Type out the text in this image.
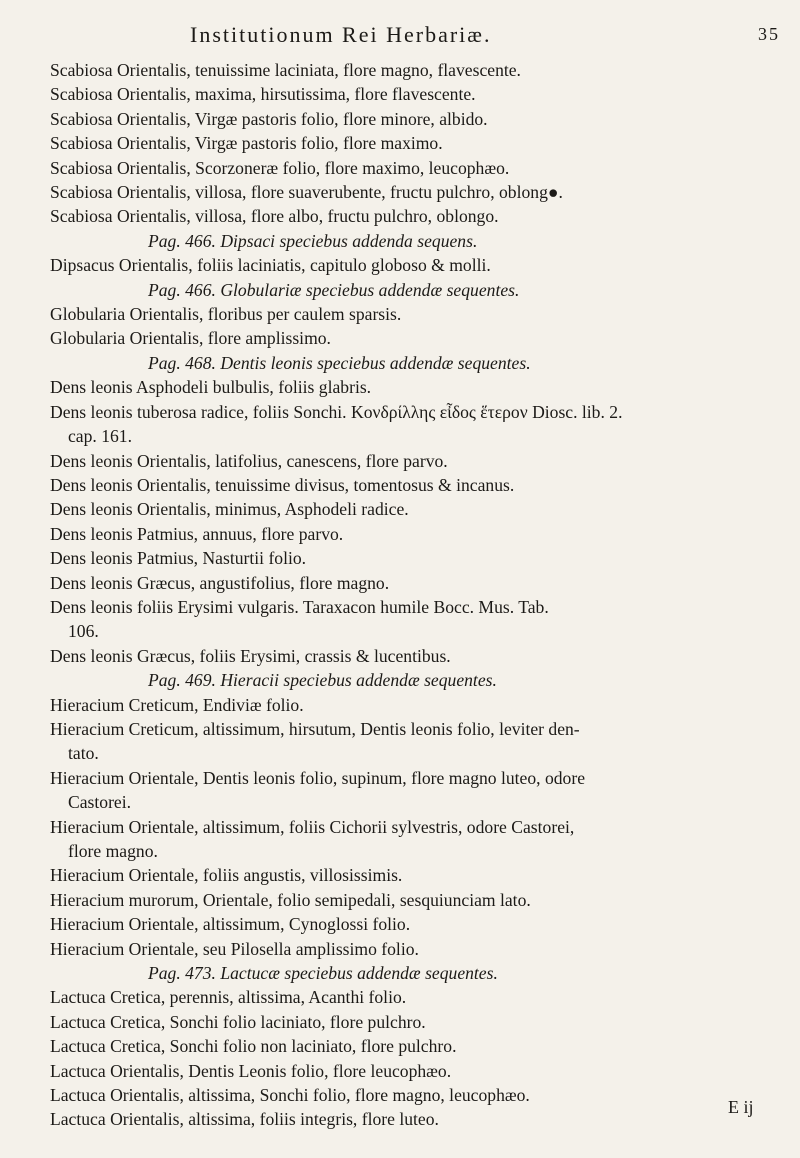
Institutionum Rei Herbariæ.	35
Scabiosa Orientalis, tenuissime laciniata, flore magno, flavescente.
Scabiosa Orientalis, maxima, hirsutissima, flore flavescente.
Scabiosa Orientalis, Virgæ pastoris folio, flore minore, albido.
Scabiosa Orientalis, Virgæ pastoris folio, flore maximo.
Scabiosa Orientalis, Scorzoneræ folio, flore maximo, leucophæo.
Scabiosa Orientalis, villosa, flore suaverubente, fructu pulchro, oblong●.
Scabiosa Orientalis, villosa, flore albo, fructu pulchro, oblongo.
Pag. 466. Dipsaci speciebus addenda sequens.
Dipsacus Orientalis, foliis laciniatis, capitulo globoso & molli.
Pag. 466. Globulariæ speciebus addendæ sequentes.
Globularia Orientalis, floribus per caulem sparsis.
Globularia Orientalis, flore amplissimo.
Pag. 468. Dentis leonis speciebus addendæ sequentes.
Dens leonis Asphodeli bulbulis, foliis glabris.
Dens leonis tuberosa radice, foliis Sonchi. Κονδρίλλης εἶδος ἕτερον Diosc. lib. 2.
cap. 161.
Dens leonis Orientalis, latifolius, canescens, flore parvo.
Dens leonis Orientalis, tenuissime divisus, tomentosus & incanus.
Dens leonis Orientalis, minimus, Asphodeli radice.
Dens leonis Patmius, annuus, flore parvo.
Dens leonis Patmius, Nasturtii folio.
Dens leonis Græcus, angustifolius, flore magno.
Dens leonis foliis Erysimi vulgaris. Taraxacon humile Bocc. Mus. Tab.
106.
Dens leonis Græcus, foliis Erysimi, crassis & lucentibus.
Pag. 469. Hieracii speciebus addendæ sequentes.
Hieracium Creticum, Endiviæ folio.
Hieracium Creticum, altissimum, hirsutum, Dentis leonis folio, leviter den-
tato.
Hieracium Orientale, Dentis leonis folio, supinum, flore magno luteo, odore
Castorei.
Hieracium Orientale, altissimum, foliis Cichorii sylvestris, odore Castorei,
flore magno.
Hieracium Orientale, foliis angustis, villosissimis.
Hieracium murorum, Orientale, folio semipedali, sesquiunciam lato.
Hieracium Orientale, altissimum, Cynoglossi folio.
Hieracium Orientale, seu Pilosella amplissimo folio.
Pag. 473. Lactucæ speciebus addendæ sequentes.
Lactuca Cretica, perennis, altissima, Acanthi folio.
Lactuca Cretica, Sonchi folio laciniato, flore pulchro.
Lactuca Cretica, Sonchi folio non laciniato, flore pulchro.
Lactuca Orientalis, Dentis Leonis folio, flore leucophæo.
Lactuca Orientalis, altissima, Sonchi folio, flore magno, leucophæo.
Lactuca Orientalis, altissima, foliis integris, flore luteo.
E ij
